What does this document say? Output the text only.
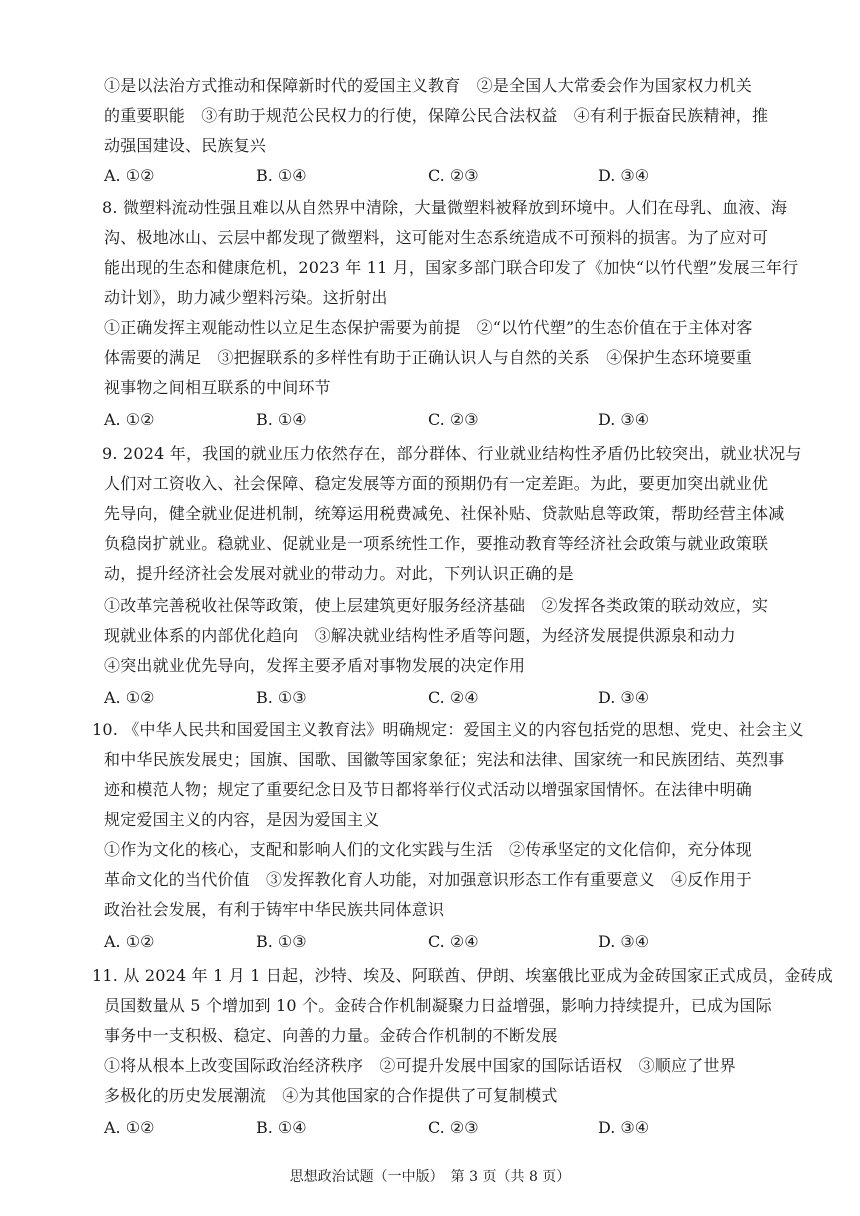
①是以法治方式推动和保障新时代的爱国主义教育　②是全国人大常委会作为国家权力机关
的重要职能　③有助于规范公民权力的行使，保障公民合法权益　④有利于振奋民族精神，推
动强国建设、民族复兴
A. ①②	B. ①④	C. ②③	D. ③④
8. 微塑料流动性强且难以从自然界中清除，大量微塑料被释放到环境中。人们在母乳、血液、海
沟、极地冰山、云层中都发现了微塑料，这可能对生态系统造成不可预料的损害。为了应对可
能出现的生态和健康危机，2023 年 11 月，国家多部门联合印发了《加快“以竹代塑”发展三年行
动计划》，助力减少塑料污染。这折射出
①正确发挥主观能动性以立足生态保护需要为前提　②“以竹代塑”的生态价值在于主体对客
体需要的满足　③把握联系的多样性有助于正确认识人与自然的关系　④保护生态环境要重
视事物之间相互联系的中间环节
A. ①②	B. ①④	C. ②③	D. ③④
9. 2024 年，我国的就业压力依然存在，部分群体、行业就业结构性矛盾仍比较突出，就业状况与
人们对工资收入、社会保障、稳定发展等方面的预期仍有一定差距。为此，要更加突出就业优
先导向，健全就业促进机制，统筹运用税费减免、社保补贴、贷款贴息等政策，帮助经营主体减
负稳岗扩就业。稳就业、促就业是一项系统性工作，要推动教育等经济社会政策与就业政策联
动，提升经济社会发展对就业的带动力。对此，下列认识正确的是
①改革完善税收社保等政策，使上层建筑更好服务经济基础　②发挥各类政策的联动效应，实
现就业体系的内部优化趋向　③解决就业结构性矛盾等问题，为经济发展提供源泉和动力
④突出就业优先导向，发挥主要矛盾对事物发展的决定作用
A. ①②	B. ①③	C. ②④	D. ③④
10. 《中华人民共和国爱国主义教育法》明确规定：爱国主义的内容包括党的思想、党史、社会主义
和中华民族发展史；国旗、国歌、国徽等国家象征；宪法和法律、国家统一和民族团结、英烈事
迹和模范人物；规定了重要纪念日及节日都将举行仪式活动以增强家国情怀。在法律中明确
规定爱国主义的内容，是因为爱国主义
①作为文化的核心，支配和影响人们的文化实践与生活　②传承坚定的文化信仰，充分体现
革命文化的当代价值　③发挥教化育人功能，对加强意识形态工作有重要意义　④反作用于
政治社会发展，有利于铸牢中华民族共同体意识
A. ①②	B. ①③	C. ②④	D. ③④
11. 从 2024 年 1 月 1 日起，沙特、埃及、阿联酋、伊朗、埃塞俄比亚成为金砖国家正式成员，金砖成
员国数量从 5 个增加到 10 个。金砖合作机制凝聚力日益增强，影响力持续提升，已成为国际
事务中一支积极、稳定、向善的力量。金砖合作机制的不断发展
①将从根本上改变国际政治经济秩序　②可提升发展中国家的国际话语权　③顺应了世界
多极化的历史发展潮流　④为其他国家的合作提供了可复制模式
A. ①②	B. ①④	C. ②③	D. ③④
思想政治试题（一中版）　第 3 页（共 8 页）
